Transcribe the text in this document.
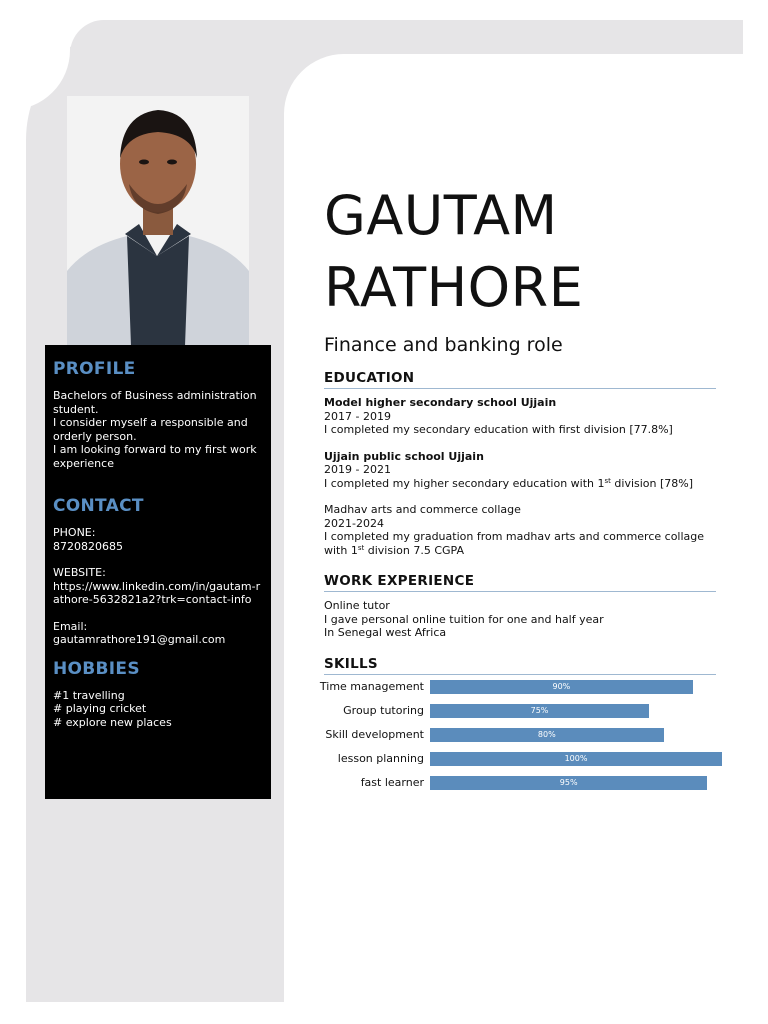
PROFILE

Bachelors of Business administration student.

I consider myself a responsible and orderly person.

I am looking forward to my first work experience

CONTACT

PHONE:

8720820685

WEBSITE:

https://www.linkedin.com/in/gautam-rathore-5632821a2?trk=contact-info

Email:

gautamrathore191@gmail.com

HOBBIES

#1 travelling

# playing cricket

# explore new places

GAUTAM
RATHORE

Finance and banking role

EDUCATION

Model higher secondary school Ujjain

2017 - 2019

I completed my secondary education with first division [77.8%]

Ujjain public school Ujjain

2019 - 2021

I completed my higher secondary education with 1st division [78%]

Madhav arts and commerce collage

2021-2024

I completed my graduation from madhav arts and commerce collage with 1st division 7.5 CGPA

WORK EXPERIENCE

Online tutor

I gave personal online tuition for one and half year

In Senegal west Africa

SKILLS
Time management	90%
Group tutoring	75%
Skill development	80%
lesson planning	100%
fast learner	95%
